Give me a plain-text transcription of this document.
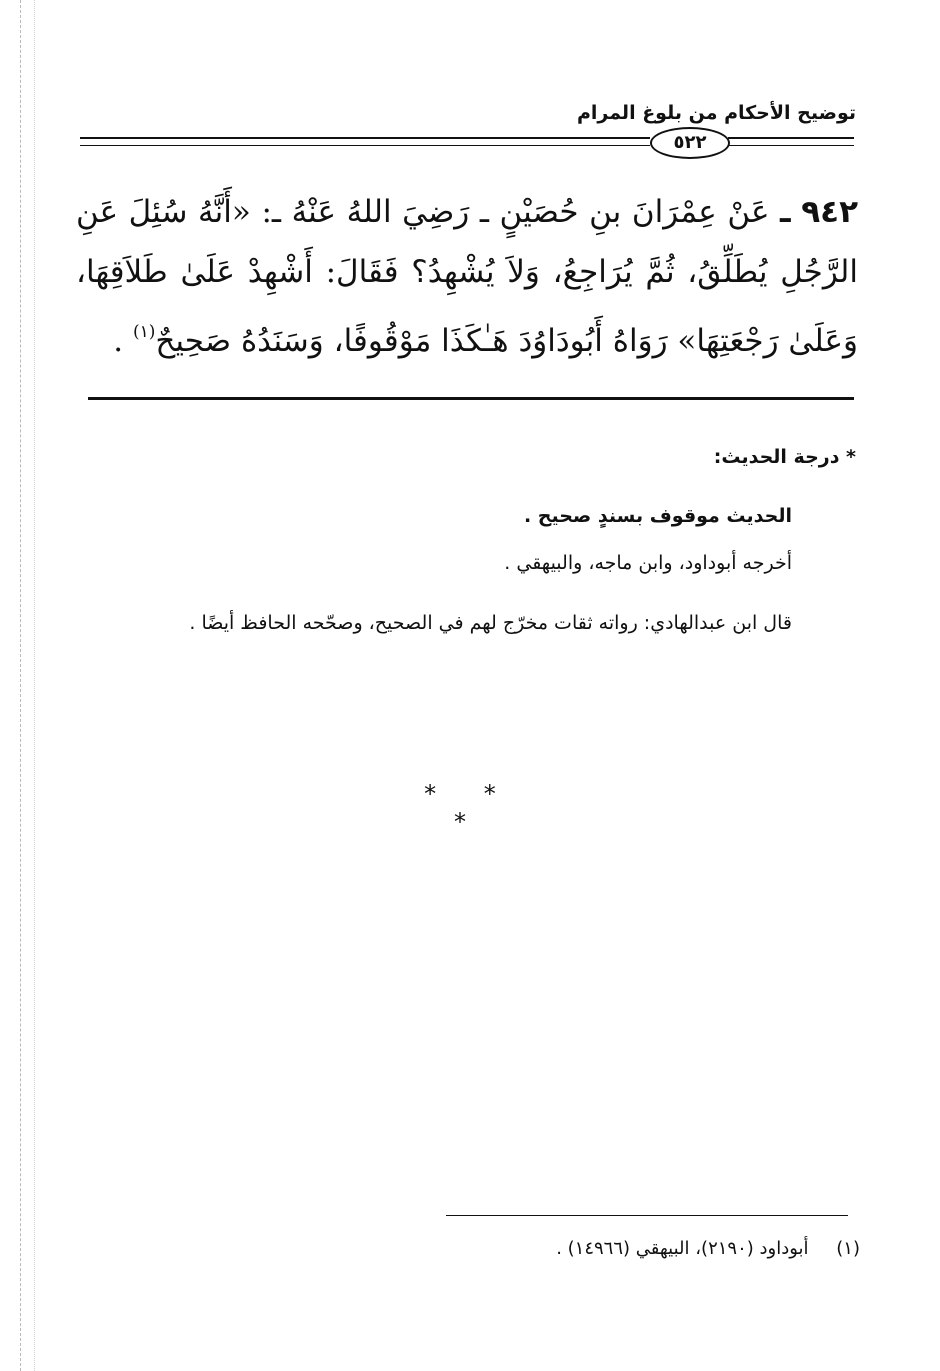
توضيح الأحكام من بلوغ المرام
٥٢٢
٩٤٢ ـ عَنْ عِمْرَانَ بنِ حُصَيْنٍ ـ رَضِيَ اللهُ عَنْهُ ـ: «أَنَّهُ سُئِلَ عَنِ الرَّجُلِ يُطَلِّقُ، ثُمَّ يُرَاجِعُ، وَلاَ يُشْهِدُ؟ فَقَالَ: أَشْهِدْ عَلَىٰ طَلاَقِهَا، وَعَلَىٰ رَجْعَتِهَا» رَوَاهُ أَبُودَاوُدَ هَـٰكَذَا مَوْقُوفًا، وَسَنَدُهُ صَحِيحٌ$^{(١)}$ .
* درجة الحديث:
الحديث موقوف بسندٍ صحيح .
أخرجه أبوداود، وابن ماجه، والبيهقي .
قال ابن عبدالهادي: رواته ثقات مخرّج لهم في الصحيح، وصحّحه الحافظ أيضًا .
* * *
(١) أبوداود (٢١٩٠)، البيهقي (١٤٩٦٦) .
